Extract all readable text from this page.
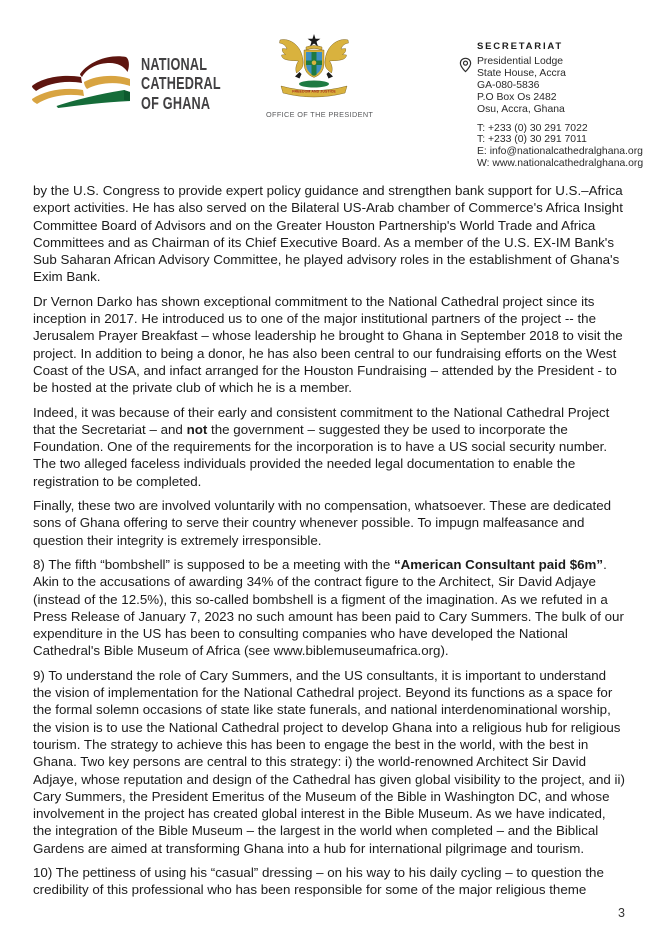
NATIONAL
CATHEDRAL
OF GHANA
FREEDOM AND JUSTICE
OFFICE OF THE PRESIDENT
SECRETARIAT
Presidential Lodge
State House, Accra
GA-080-5836
P.O Box Os 2482
Osu, Accra, Ghana
T: +233 (0) 30 291 7022
T: +233 (0) 30 291 7011
E: info@nationalcathedralghana.org
W: www.nationalcathedralghana.org

by the U.S. Congress to provide expert policy guidance and strengthen bank support for U.S.–Africa export activities. He has also served on the Bilateral US-Arab chamber of Commerce's Africa Insight Committee Board of Advisors and on the Greater Houston Partnership's World Trade and Africa Committees and as Chairman of its Chief Executive Board. As a member of the U.S. EX-IM Bank's Sub Saharan African Advisory Committee, he played advisory roles in the establishment of Ghana's Exim Bank.

Dr Vernon Darko has shown exceptional commitment to the National Cathedral project since its inception in 2017. He introduced us to one of the major institutional partners of the project -- the Jerusalem Prayer Breakfast – whose leadership he brought to Ghana in September 2018 to visit the project. In addition to being a donor, he has also been central to our fundraising efforts on the West Coast of the USA, and infact arranged for the Houston Fundraising – attended by the President - to be hosted at the private club of which he is a member.

Indeed, it was because of their early and consistent commitment to the National Cathedral Project that the Secretariat – and not the government – suggested they be used to incorporate the Foundation. One of the requirements for the incorporation is to have a US social security number. The two alleged faceless individuals provided the needed legal documentation to enable the registration to be completed.

Finally, these two are involved voluntarily with no compensation, whatsoever. These are dedicated sons of Ghana offering to serve their country whenever possible. To impugn malfeasance and question their integrity is extremely irresponsible.

8) The fifth “bombshell” is supposed to be a meeting with the “American Consultant paid $6m”. Akin to the accusations of awarding 34% of the contract figure to the Architect, Sir David Adjaye (instead of the 12.5%), this so-called bombshell is a figment of the imagination. As we refuted in a Press Release of January 7, 2023 no such amount has been paid to Cary Summers. The bulk of our expenditure in the US has been to consulting companies who have developed the National Cathedral's Bible Museum of Africa (see www.biblemuseumafrica.org).

9) To understand the role of Cary Summers, and the US consultants, it is important to understand the vision of implementation for the National Cathedral project. Beyond its functions as a space for the formal solemn occasions of state like state funerals, and national interdenominational worship, the vision is to use the National Cathedral project to develop Ghana into a religious hub for religious tourism. The strategy to achieve this has been to engage the best in the world, with the best in Ghana. Two key persons are central to this strategy: i) the world-renowned Architect Sir David Adjaye, whose reputation and design of the Cathedral has given global visibility to the project, and ii) Cary Summers, the President Emeritus of the Museum of the Bible in Washington DC, and whose involvement in the project has created global interest in the Bible Museum. As we have indicated, the integration of the Bible Museum – the largest in the world when completed – and the Biblical Gardens are aimed at transforming Ghana into a hub for international pilgrimage and tourism.

10) The pettiness of using his “casual” dressing – on his way to his daily cycling – to question the credibility of this professional who has been responsible for some of the major religious theme

3
